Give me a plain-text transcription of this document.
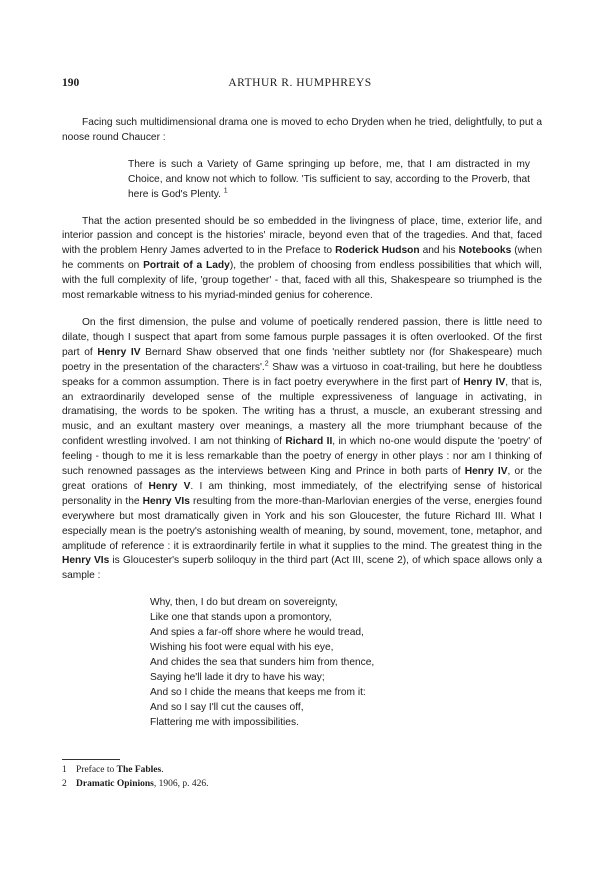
190	ARTHUR R. HUMPHREYS

Facing such multidimensional drama one is moved to echo Dryden when he tried, delightfully, to put a noose round Chaucer :

There is such a Variety of Game springing up before, me, that I am distracted in my Choice, and know not which to follow. 'Tis sufficient to say, according to the Proverb, that here is God's Plenty. $^1$

That the action presented should be so embedded in the livingness of place, time, exterior life, and interior passion and concept is the histories' miracle, beyond even that of the tragedies. And that, faced with the problem Henry James adverted to in the Preface to Roderick Hudson and his Notebooks (when he comments on Portrait of a Lady), the problem of choosing from endless possibilities that which will, with the full complexity of life, 'group together' - that, faced with all this, Shakespeare so triumphed is the most remarkable witness to his myriad-minded genius for coherence.

On the first dimension, the pulse and volume of poetically rendered passion, there is little need to dilate, though I suspect that apart from some famous purple passages it is often overlooked. Of the first part of Henry IV Bernard Shaw observed that one finds 'neither subtlety nor (for Shakespeare) much poetry in the presentation of the characters'.$^2$ Shaw was a virtuoso in coat-trailing, but here he doubtless speaks for a common assumption. There is in fact poetry everywhere in the first part of Henry IV, that is, an extraordinarily developed sense of the multiple expressiveness of language in activating, in dramatising, the words to be spoken. The writing has a thrust, a muscle, an exuberant stressing and music, and an exultant mastery over meanings, a mastery all the more triumphant because of the confident wrestling involved. I am not thinking of Richard II, in which no-one would dispute the 'poetry' of feeling - though to me it is less remarkable than the poetry of energy in other plays : nor am I thinking of such renowned passages as the interviews between King and Prince in both parts of Henry IV, or the great orations of Henry V. I am thinking, most immediately, of the electrifying sense of historical personality in the Henry VIs resulting from the more-than-Marlovian energies of the verse, energies found everywhere but most dramatically given in York and his son Gloucester, the future Richard III. What I especially mean is the poetry's astonishing wealth of meaning, by sound, movement, tone, metaphor, and amplitude of reference : it is extraordinarily fertile in what it supplies to the mind. The greatest thing in the Henry VIs is Gloucester's superb soliloquy in the third part (Act III, scene 2), of which space allows only a sample :

Why, then, I do but dream on sovereignty,
Like one that stands upon a promontory,
And spies a far-off shore where he would tread,
Wishing his foot were equal with his eye,
And chides the sea that sunders him from thence,
Saying he'll lade it dry to have his way;
And so I chide the means that keeps me from it:
And so I say I'll cut the causes off,
Flattering me with impossibilities.
1 Preface to The Fables.
2 Dramatic Opinions, 1906, p. 426.
